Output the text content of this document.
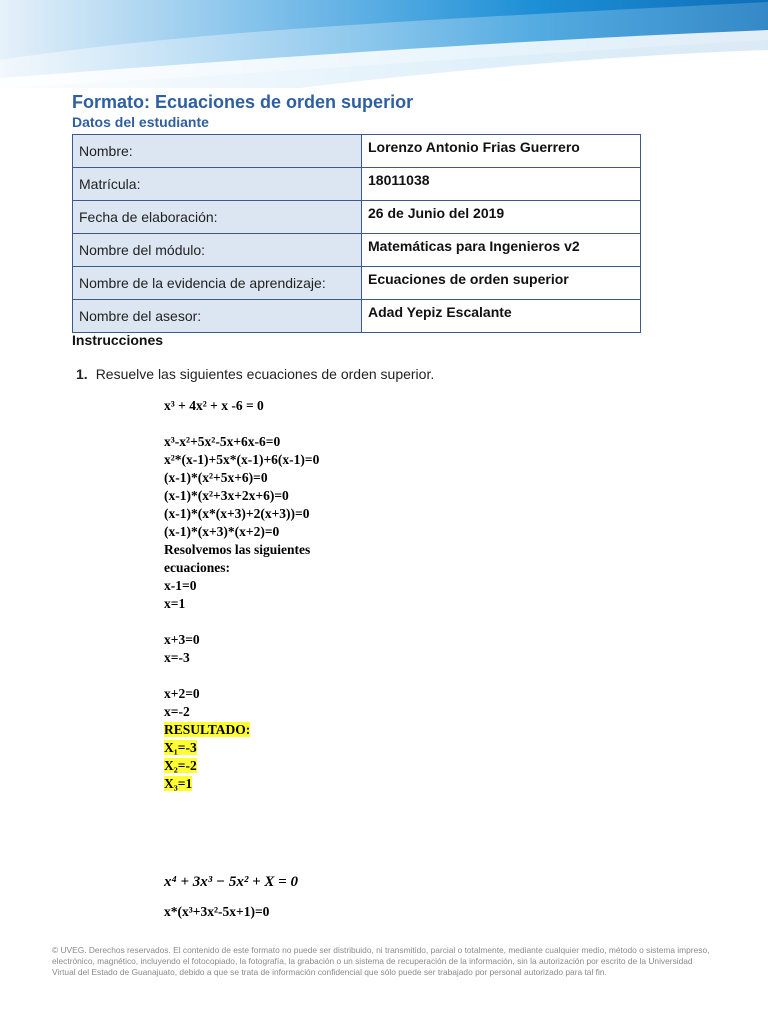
Formato: Ecuaciones de orden superior
Datos del estudiante
Nombre:	Lorenzo Antonio Frias Guerrero
Matrícula:	18011038
Fecha de elaboración:	26 de Junio del 2019
Nombre del módulo:	Matemáticas para Ingenieros v2
Nombre de la evidencia de aprendizaje:	Ecuaciones de orden superior
Nombre del asesor:	Adad Yepiz Escalante
Instrucciones
1. Resuelve las siguientes ecuaciones de orden superior.
x³ + 4x² + x -6 = 0
x³-x²+5x²-5x+6x-6=0
x²*(x-1)+5x*(x-1)+6(x-1)=0
(x-1)*(x²+5x+6)=0
(x-1)*(x²+3x+2x+6)=0
(x-1)*(x*(x+3)+2(x+3))=0
(x-1)*(x+3)*(x+2)=0
Resolvemos las siguientes
ecuaciones:
x-1=0
x=1
x+3=0
x=-3
x+2=0
x=-2
RESULTADO:
X₁=-3
X₂=-2
X₃=1
x⁴ + 3x³ − 5x² + X = 0
x*(x³+3x²-5x+1)=0
© UVEG. Derechos reservados. El contenido de este formato no puede ser distribuido, ni transmitido, parcial o totalmente, mediante cualquier medio, método o sistema impreso, electrónico, magnético, incluyendo el fotocopiado, la fotografía, la grabación o un sistema de recuperación de la información, sin la autorización por escrito de la Universidad Virtual del Estado de Guanajuato, debido a que se trata de información confidencial que sólo puede ser trabajado por personal autorizado para tal fin.
